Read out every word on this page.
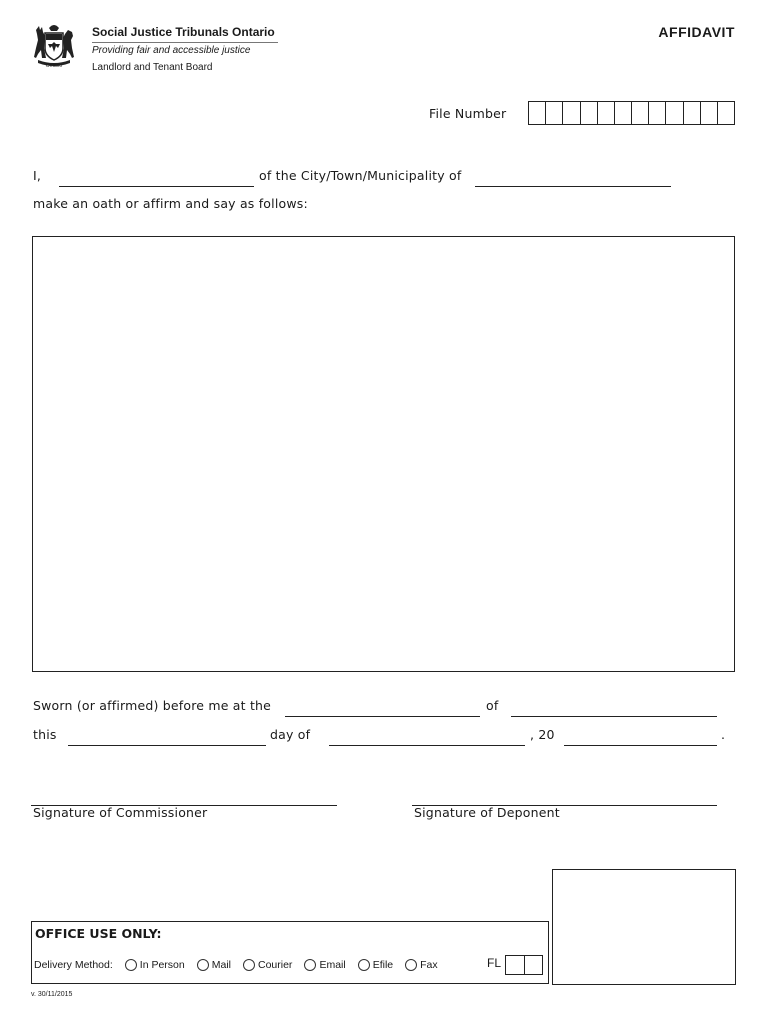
Ontario
Social Justice Tribunals Ontario
Providing fair and accessible justice
Landlord and Tenant Board
AFFIDAVIT
File Number
I,	of the City/Town/Municipality of
make an oath or affirm and say as follows:
Sworn (or affirmed) before me at the	of
this	day of	, 20	.
Signature of Commissioner	Signature of Deponent
OFFICE USE ONLY:
Delivery Method:	In Person	Mail	Courier	Email	Efile	Fax	FL
v. 30/11/2015
